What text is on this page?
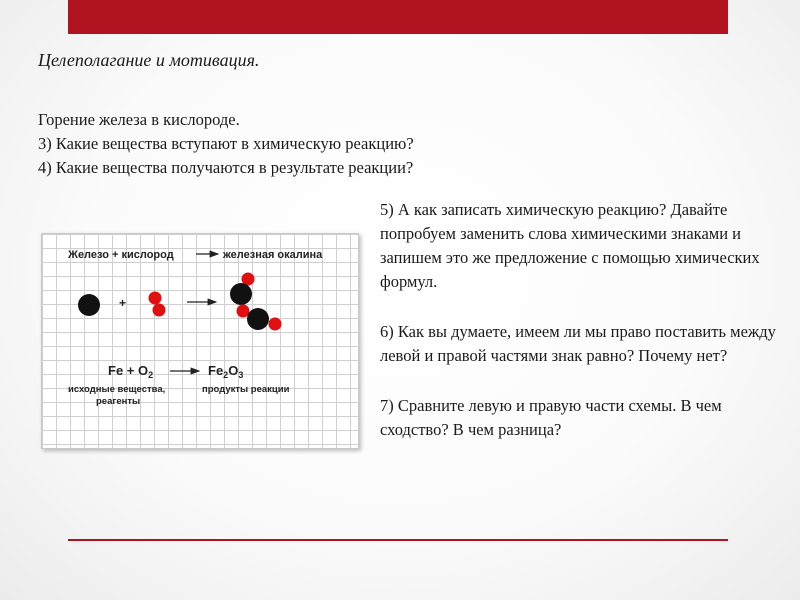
Целеполагание и мотивация.
Горение железа в кислороде.
3) Какие вещества вступают в химическую реакцию?
4) Какие вещества получаются в результате реакции?
Железо + кислород	железная окалина
+
$Fe + O_2$	$Fe_2O_3$
исходные вещества,
реагенты
продукты реакции

5) А как записать химическую реакцию? Давайте попробуем заменить слова химическими знаками и запишем это же предложение с помощью химических формул.

6) Как вы думаете, имеем ли мы право поставить между левой и правой частями знак равно? Почему нет?

7) Сравните левую и правую части схемы. В чем сходство? В чем разница?
